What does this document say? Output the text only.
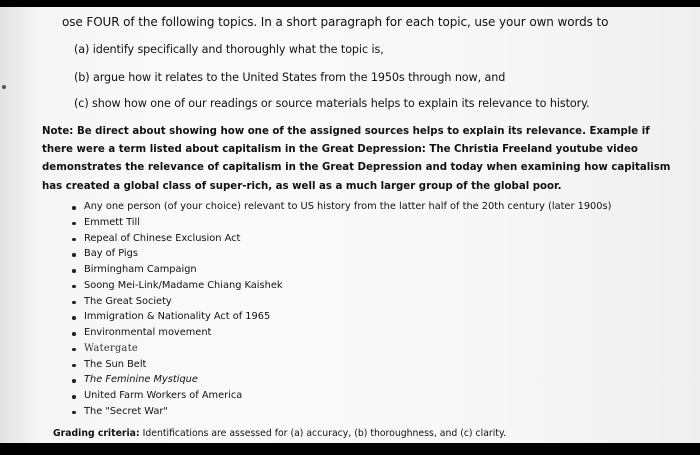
ose FOUR of the following topics. In a short paragraph for each topic, use your own words to
(a) identify specifically and thoroughly what the topic is,
(b) argue how it relates to the United States from the 1950s through now, and
(c) show how one of our readings or source materials helps to explain its relevance to history.
Note: Be direct about showing how one of the assigned sources helps to explain its relevance. Example if there were a term listed about capitalism in the Great Depression: The Christia Freeland youtube video demonstrates the relevance of capitalism in the Great Depression and today when examining how capitalism has created a global class of super-rich, as well as a much larger group of the global poor.
Any one person (of your choice) relevant to US history from the latter half of the 20th century (later 1900s)
Emmett Till
Repeal of Chinese Exclusion Act
Bay of Pigs
Birmingham Campaign
Soong Mei-Link/Madame Chiang Kaishek
The Great Society
Immigration & Nationality Act of 1965
Environmental movement
Watergate
The Sun Belt
The Feminine Mystique
United Farm Workers of America
The "Secret War"
Grading criteria: Identifications are assessed for (a) accuracy, (b) thoroughness, and (c) clarity.
